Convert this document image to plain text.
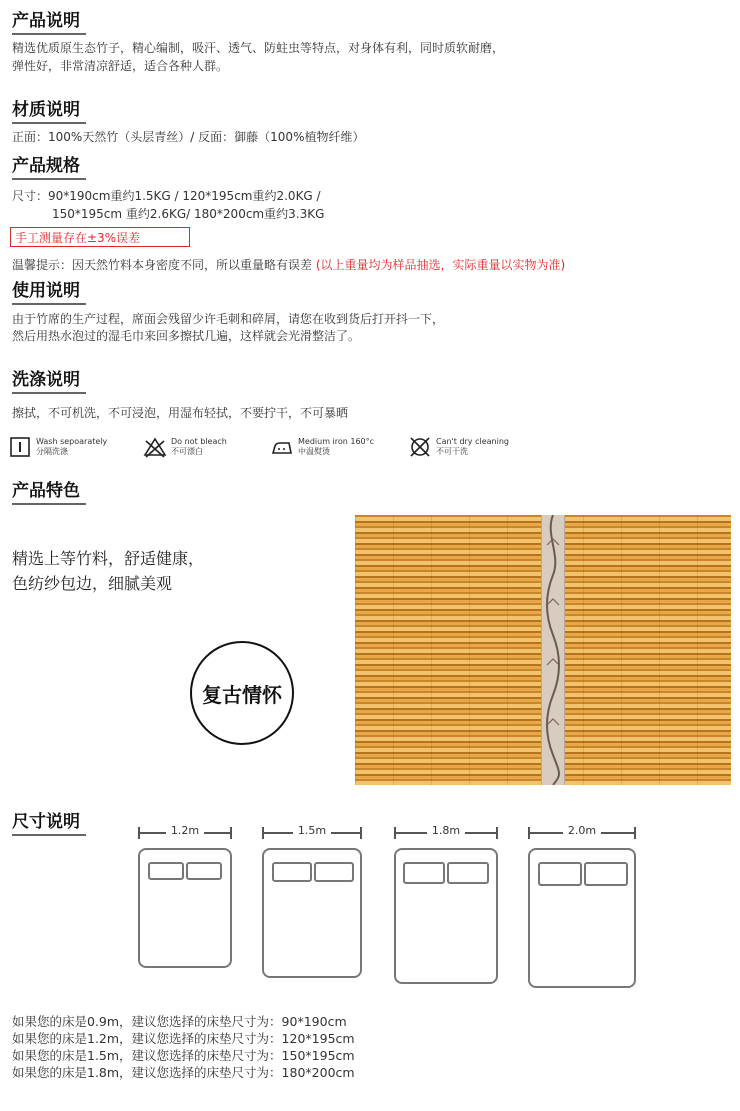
产品说明
精选优质原生态竹子，精心编制，吸汗、透气、防蛀虫等特点，对身体有利，同时质软耐磨，
弹性好，非常清凉舒适，适合各种人群。
材质说明
正面：100%天然竹（头层青丝）/ 反面：御藤（100%植物纤维）
产品规格
尺寸：90*190cm重约1.5KG / 120*195cm重约2.0KG /
150*195cm 重约2.6KG/ 180*200cm重约3.3KG
手工测量存在±3%误差
温馨提示：因天然竹料本身密度不同，所以重量略有误差 (以上重量均为样品抽选，实际重量以实物为准)
使用说明
由于竹席的生产过程，席面会残留少许毛刺和碎屑，请您在收到货后打开抖一下，
然后用热水泡过的湿毛巾来回多擦拭几遍，这样就会光滑整洁了。
洗涤说明
擦拭，不可机洗，不可浸泡，用湿布轻拭，不要拧干，不可暴晒
Wash sepoarately
分隔洗涤
Do not bleach
不可漂白
Medium iron 160°c
中温熨烫
Can't dry cleaning
不可干洗
产品特色
精选上等竹料，舒适健康，
色纺纱包边，细腻美观
复古情怀
尺寸说明	1.2m	1.5m	1.8m	2.0m
如果您的床是0.9m，建议您选择的床垫尺寸为：90*190cm
如果您的床是1.2m，建议您选择的床垫尺寸为：120*195cm
如果您的床是1.5m，建议您选择的床垫尺寸为：150*195cm
如果您的床是1.8m，建议您选择的床垫尺寸为：180*200cm
